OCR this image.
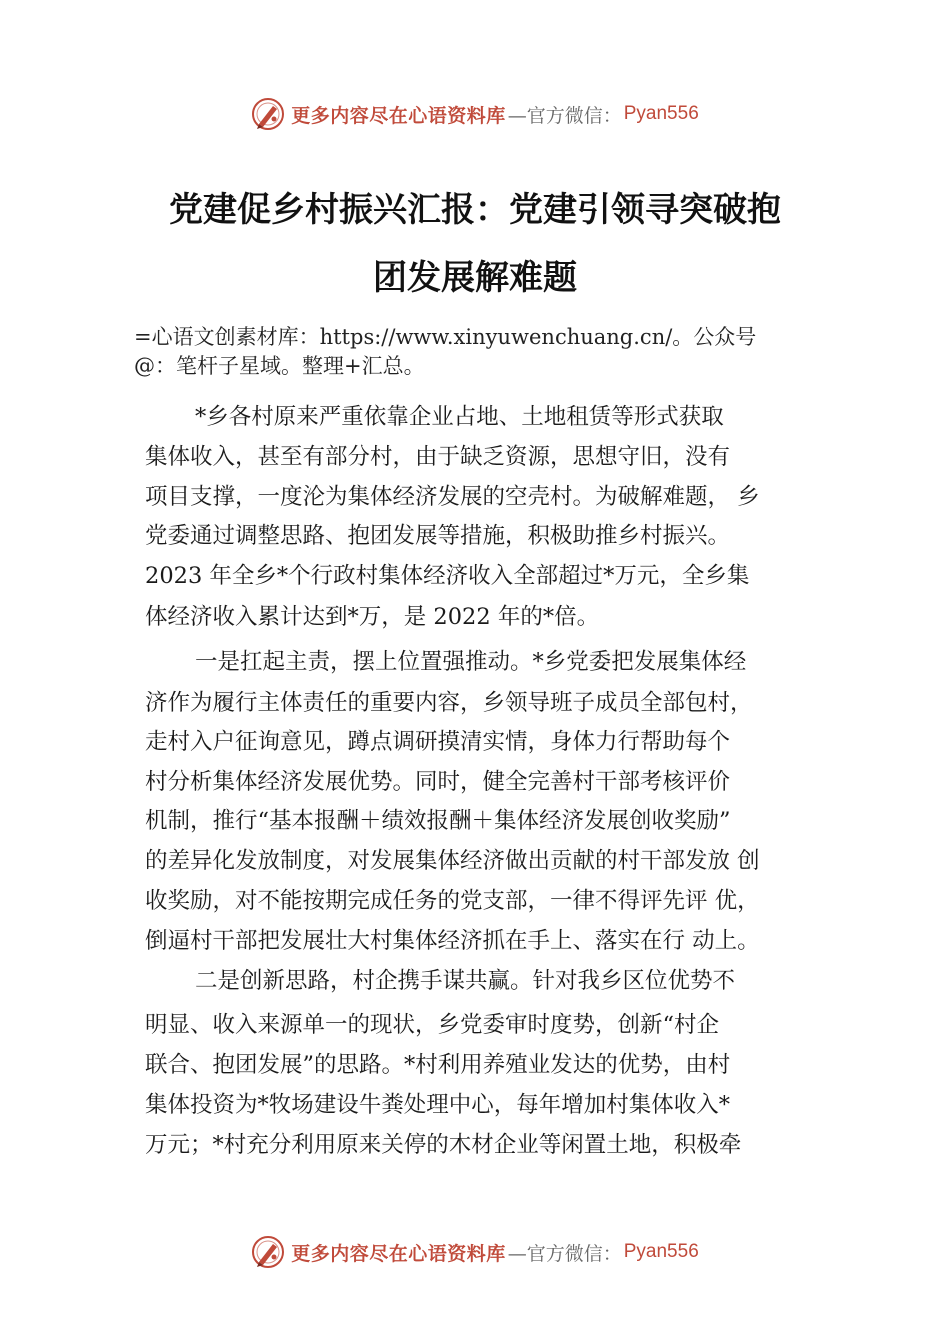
更多内容尽在心语资料库 —官方微信： Pyan556
党建促乡村振兴汇报：党建引领寻突破抱
团发展解难题
=心语文创素材库：https://www.xinyuwenchuang.cn/。公众号
@：笔杆子星域。整理+汇总。
*乡各村原来严重依靠企业占地、土地租赁等形式获取
集体收入，甚至有部分村，由于缺乏资源，思想守旧，没有
项目支撑，一度沦为集体经济发展的空壳村。为破解难题， 乡
党委通过调整思路、抱团发展等措施，积极助推乡村振兴。
2023 年全乡*个行政村集体经济收入全部超过*万元，全乡集
体经济收入累计达到*万，是 2022 年的*倍。
一是扛起主责，摆上位置强推动。*乡党委把发展集体经
济作为履行主体责任的重要内容，乡领导班子成员全部包村，
走村入户征询意见，蹲点调研摸清实情，身体力行帮助每个
村分析集体经济发展优势。同时，健全完善村干部考核评价
机制，推行“基本报酬＋绩效报酬＋集体经济发展创收奖励”
的差异化发放制度，对发展集体经济做出贡献的村干部发放 创
收奖励，对不能按期完成任务的党支部，一律不得评先评 优，
倒逼村干部把发展壮大村集体经济抓在手上、落实在行 动上。
二是创新思路，村企携手谋共赢。针对我乡区位优势不
明显、收入来源单一的现状，乡党委审时度势，创新“村企
联合、抱团发展”的思路。*村利用养殖业发达的优势，由村
集体投资为*牧场建设牛粪处理中心，每年增加村集体收入*
万元；*村充分利用原来关停的木材企业等闲置土地，积极牵
更多内容尽在心语资料库 —官方微信： Pyan556
